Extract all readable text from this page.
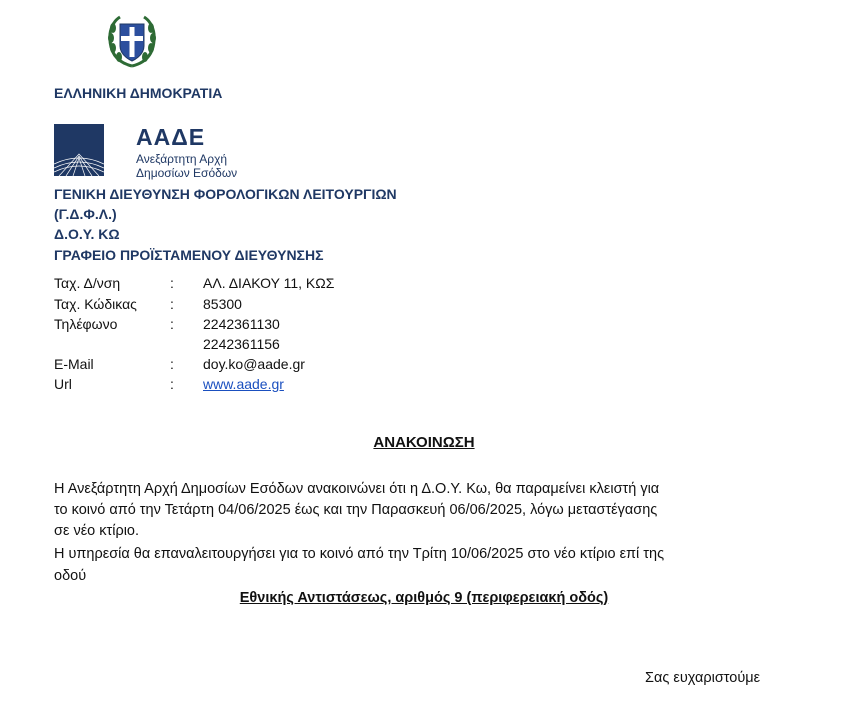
ΕΛΛΗΝΙΚΗ ΔΗΜΟΚΡΑΤΙΑ
ΑΑΔΕ
Ανεξάρτητη Αρχή
Δημοσίων Εσόδων
ΓΕΝΙΚΗ ΔΙΕΥΘΥΝΣΗ ΦΟΡΟΛΟΓΙΚΩΝ ΛΕΙΤΟΥΡΓΙΩΝ
(Γ.Δ.Φ.Λ.)
Δ.Ο.Υ. ΚΩ
ΓΡΑΦΕΙΟ ΠΡΟΪΣΤΑΜΕΝΟΥ ΔΙΕΥΘΥΝΣΗΣ
Ταχ. Δ/νση	: ΑΛ. ΔΙΑΚΟΥ 11, ΚΩΣ
Ταχ. Κώδικας : 85300
Τηλέφωνο	: 2242361130
2242361156
E-Mail	: doy.ko@aade.gr
Url	: www.aade.gr
ΑΝΑΚΟΙΝΩΣΗ
Η Ανεξάρτητη Αρχή Δημοσίων Εσόδων ανακοινώνει ότι η Δ.Ο.Υ. Κω, θα παραμείνει κλειστή για
το κοινό από την Τετάρτη 04/06/2025 έως και την Παρασκευή 06/06/2025, λόγω μεταστέγασης
σε νέο κτίριο.
Η υπηρεσία θα επαναλειτουργήσει για το κοινό από την Τρίτη 10/06/2025 στο νέο κτίριο επί της
οδού
Εθνικής Αντιστάσεως, αριθμός 9 (περιφερειακή οδός)
Σας ευχαριστούμε
